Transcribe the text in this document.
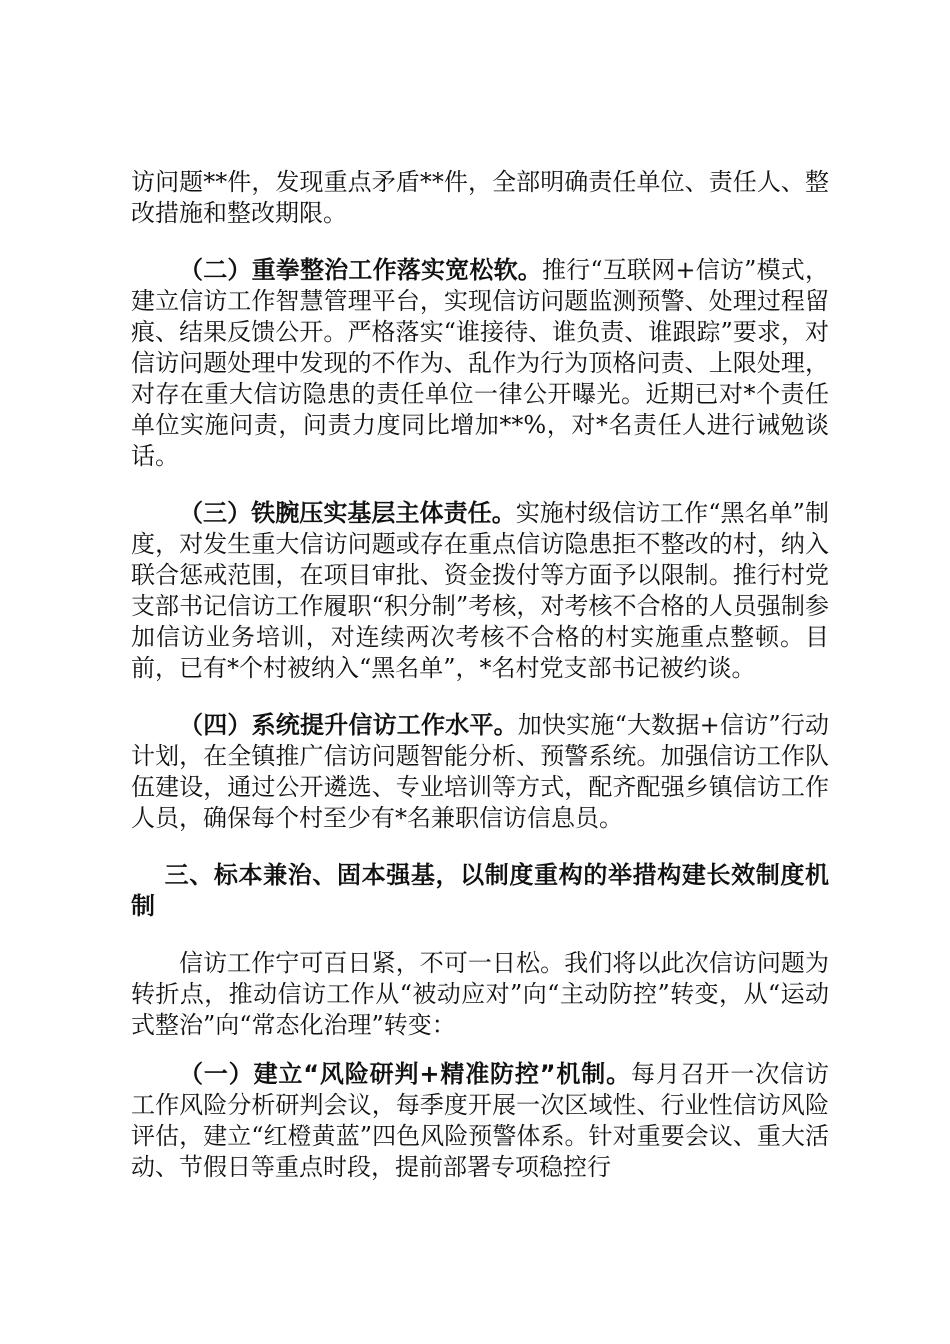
访问题**件，发现重点矛盾**件，全部明确责任单位、责任人、整改措施和整改期限。

（二）重拳整治工作落实宽松软。推行“互联网+信访”模式，建立信访工作智慧管理平台，实现信访问题监测预警、处理过程留痕、结果反馈公开。严格落实“谁接待、谁负责、谁跟踪”要求，对信访问题处理中发现的不作为、乱作为行为顶格问责、上限处理，对存在重大信访隐患的责任单位一律公开曝光。近期已对*个责任单位实施问责，问责力度同比增加**%，对*名责任人进行诫勉谈话。

（三）铁腕压实基层主体责任。实施村级信访工作“黑名单”制度，对发生重大信访问题或存在重点信访隐患拒不整改的村，纳入联合惩戒范围，在项目审批、资金拨付等方面予以限制。推行村党支部书记信访工作履职“积分制”考核，对考核不合格的人员强制参加信访业务培训，对连续两次考核不合格的村实施重点整顿。目前，已有*个村被纳入“黑名单”，*名村党支部书记被约谈。

（四）系统提升信访工作水平。加快实施“大数据+信访”行动计划，在全镇推广信访问题智能分析、预警系统。加强信访工作队伍建设，通过公开遴选、专业培训等方式，配齐配强乡镇信访工作人员，确保每个村至少有*名兼职信访信息员。

三、标本兼治、固本强基，以制度重构的举措构建长效制度机制

信访工作宁可百日紧，不可一日松。我们将以此次信访问题为转折点，推动信访工作从“被动应对”向“主动防控”转变，从“运动式整治”向“常态化治理”转变：

（一）建立“风险研判+精准防控”机制。每月召开一次信访工作风险分析研判会议，每季度开展一次区域性、行业性信访风险评估，建立“红橙黄蓝”四色风险预警体系。针对重要会议、重大活动、节假日等重点时段，提前部署专项稳控行
